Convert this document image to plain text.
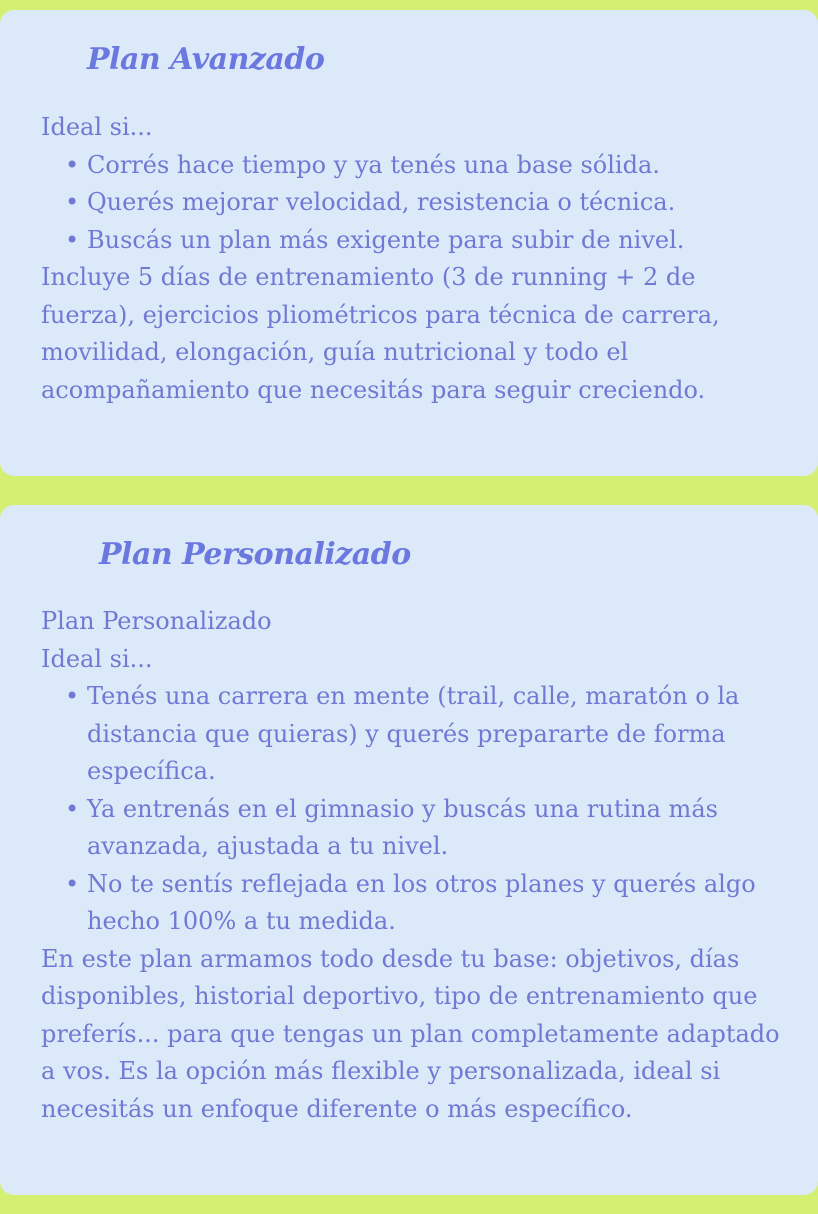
Plan Avanzado

Ideal si...

• Corrés hace tiempo y ya tenés una base sólida.
• Querés mejorar velocidad, resistencia o técnica.
• Buscás un plan más exigente para subir de nivel.

Incluye 5 días de entrenamiento (3 de running + 2 de fuerza), ejercicios pliométricos para técnica de carrera, movilidad, elongación, guía nutricional y todo el acompañamiento que necesitás para seguir creciendo.

Plan Personalizado

Plan Personalizado

Ideal si...

• Tenés una carrera en mente (trail, calle, maratón o la distancia que quieras) y querés prepararte de forma específica.
• Ya entrenás en el gimnasio y buscás una rutina más avanzada, ajustada a tu nivel.
• No te sentís reflejada en los otros planes y querés algo hecho 100% a tu medida.

En este plan armamos todo desde tu base: objetivos, días disponibles, historial deportivo, tipo de entrenamiento que preferís... para que tengas un plan completamente adaptado a vos. Es la opción más flexible y personalizada, ideal si necesitás un enfoque diferente o más específico.
